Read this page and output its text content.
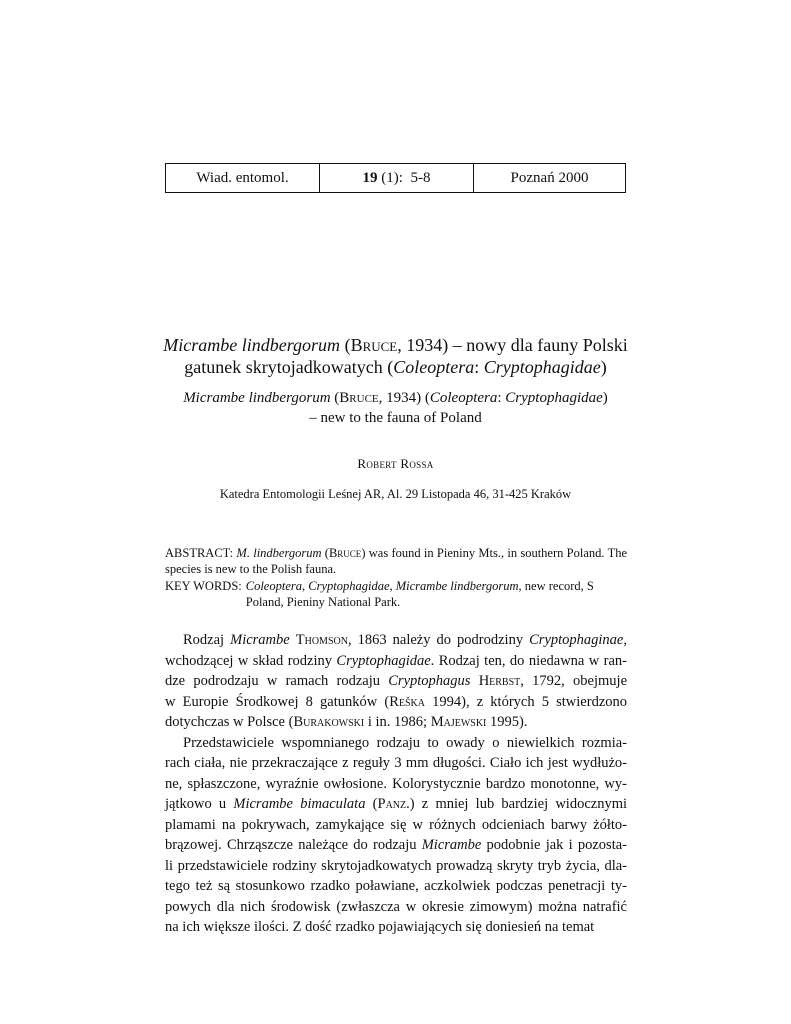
Wiad. entomol.	19 (1):  5-8	Poznań 2000
Micrambe lindbergorum (Bruce, 1934) – nowy dla fauny Polski
gatunek skrytojadkowatych (Coleoptera: Cryptophagidae)
Micrambe lindbergorum (Bruce, 1934) (Coleoptera: Cryptophagidae)
– new to the fauna of Poland
Robert Rossa
Katedra Entomologii Leśnej AR, Al. 29 Listopada 46, 31-425 Kraków
ABSTRACT: M. lindbergorum (Bruce) was found in Pieniny Mts., in southern Poland. The species is new to the Polish fauna.
KEY WORDS: Coleoptera, Cryptophagidae, Micrambe lindbergorum, new record, S Poland, Pieniny National Park.
Rodzaj Micrambe Thomson, 1863 należy do podrodziny Cryptophaginae,
wchodzącej w skład rodziny Cryptophagidae. Rodzaj ten, do niedawna w ran-
dze podrodzaju w ramach rodzaju Cryptophagus Herbst, 1792, obejmuje
w Europie Środkowej 8 gatunków (Reška 1994), z których 5 stwierdzono
dotychczas w Polsce (Burakowski i in. 1986; Majewski 1995).
Przedstawiciele wspomnianego rodzaju to owady o niewielkich rozmia-
rach ciała, nie przekraczające z reguły 3 mm długości. Ciało ich jest wydłużo-
ne, spłaszczone, wyraźnie owłosione. Kolorystycznie bardzo monotonne, wy-
jątkowo u Micrambe bimaculata (Panz.) z mniej lub bardziej widocznymi
plamami na pokrywach, zamykające się w różnych odcieniach barwy żółto-
brązowej. Chrząszcze należące do rodzaju Micrambe podobnie jak i pozosta-
li przedstawiciele rodziny skrytojadkowatych prowadzą skryty tryb życia, dla-
tego też są stosunkowo rzadko poławiane, aczkolwiek podczas penetracji ty-
powych dla nich środowisk (zwłaszcza w okresie zimowym) można natrafić
na ich większe ilości. Z dość rzadko pojawiających się doniesień na temat
